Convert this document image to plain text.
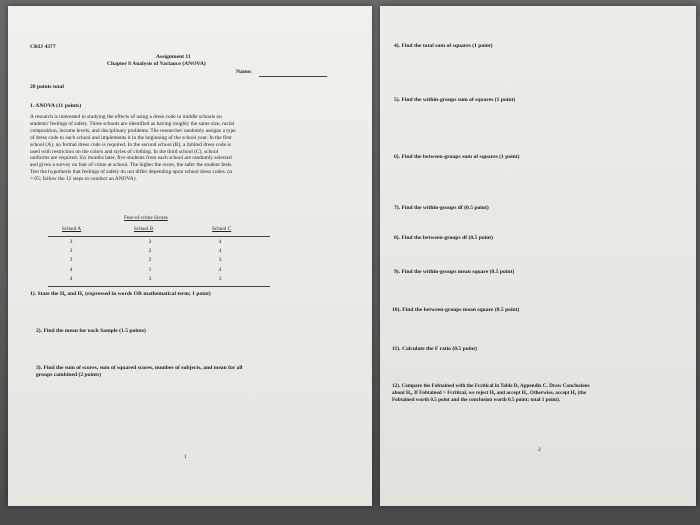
CRIJ 4377
Assignment 11
Chapter 8 Analysis of Variance (ANOVA)
Name:
20 points total
1. ANOVA (11 points)
A research is interested in studying the effects of using a dress code in middle schools on
students' feelings of safety. Three schools are identified as having roughly the same size, racial
composition, income levels, and disciplinary problems. The researcher randomly assigns a type
of dress code to each school and implements it in the beginning of the school year. In the first
school (A), no formal dress code is required. In the second school (B), a limited dress code is
used with restriction on the colors and styles of clothing. In the third school (C), school
uniforms are required. Six months later, five students from each school are randomly selected
and given a survey on fear of crime at school. The higher the score, the safer the student feels.
Test the hypothesis that feelings of safety do not differ depending upon school dress codes. (α
=.05; follow the 12 steps to conduct an ANOVA).
Fear-of-crime Scores
School A	School B	School C
3
3
3
4
4
2
2
2
1
3
4
4
3
4
3
1). State the H₀ and H₁ (expressed in words OR mathematical term; 1 point)
2). Find the mean for each Sample (1.5 points)
3). Find the sum of scores, sum of squared scores, number of subjects, and mean for all
groups combined (2 points)
1
4). Find the total sum of squares (1 point)
5). Find the within-groups sum of squares (1 point)
6). Find the between-groups sum of squares (1 point)
7). Find the within-groups df (0.5 point)
8). Find the between-groups df (0.5 point)
9). Find the within-groups mean square (0.5 point)
10). Find the between-groups mean square (0.5 point)
11). Calculate the F ratio (0.5 point)
12). Compare the Fobtained with the Fcritical in Table D, Appendix C. Draw Conclusions
about H₀. If Fobtained > Fcritical, we reject H₀ and accept H₁. Otherwise, accept H₀ (the
Fobtained worth 0.5 point and the conclusion worth 0.5 point; total 1 point).
2
